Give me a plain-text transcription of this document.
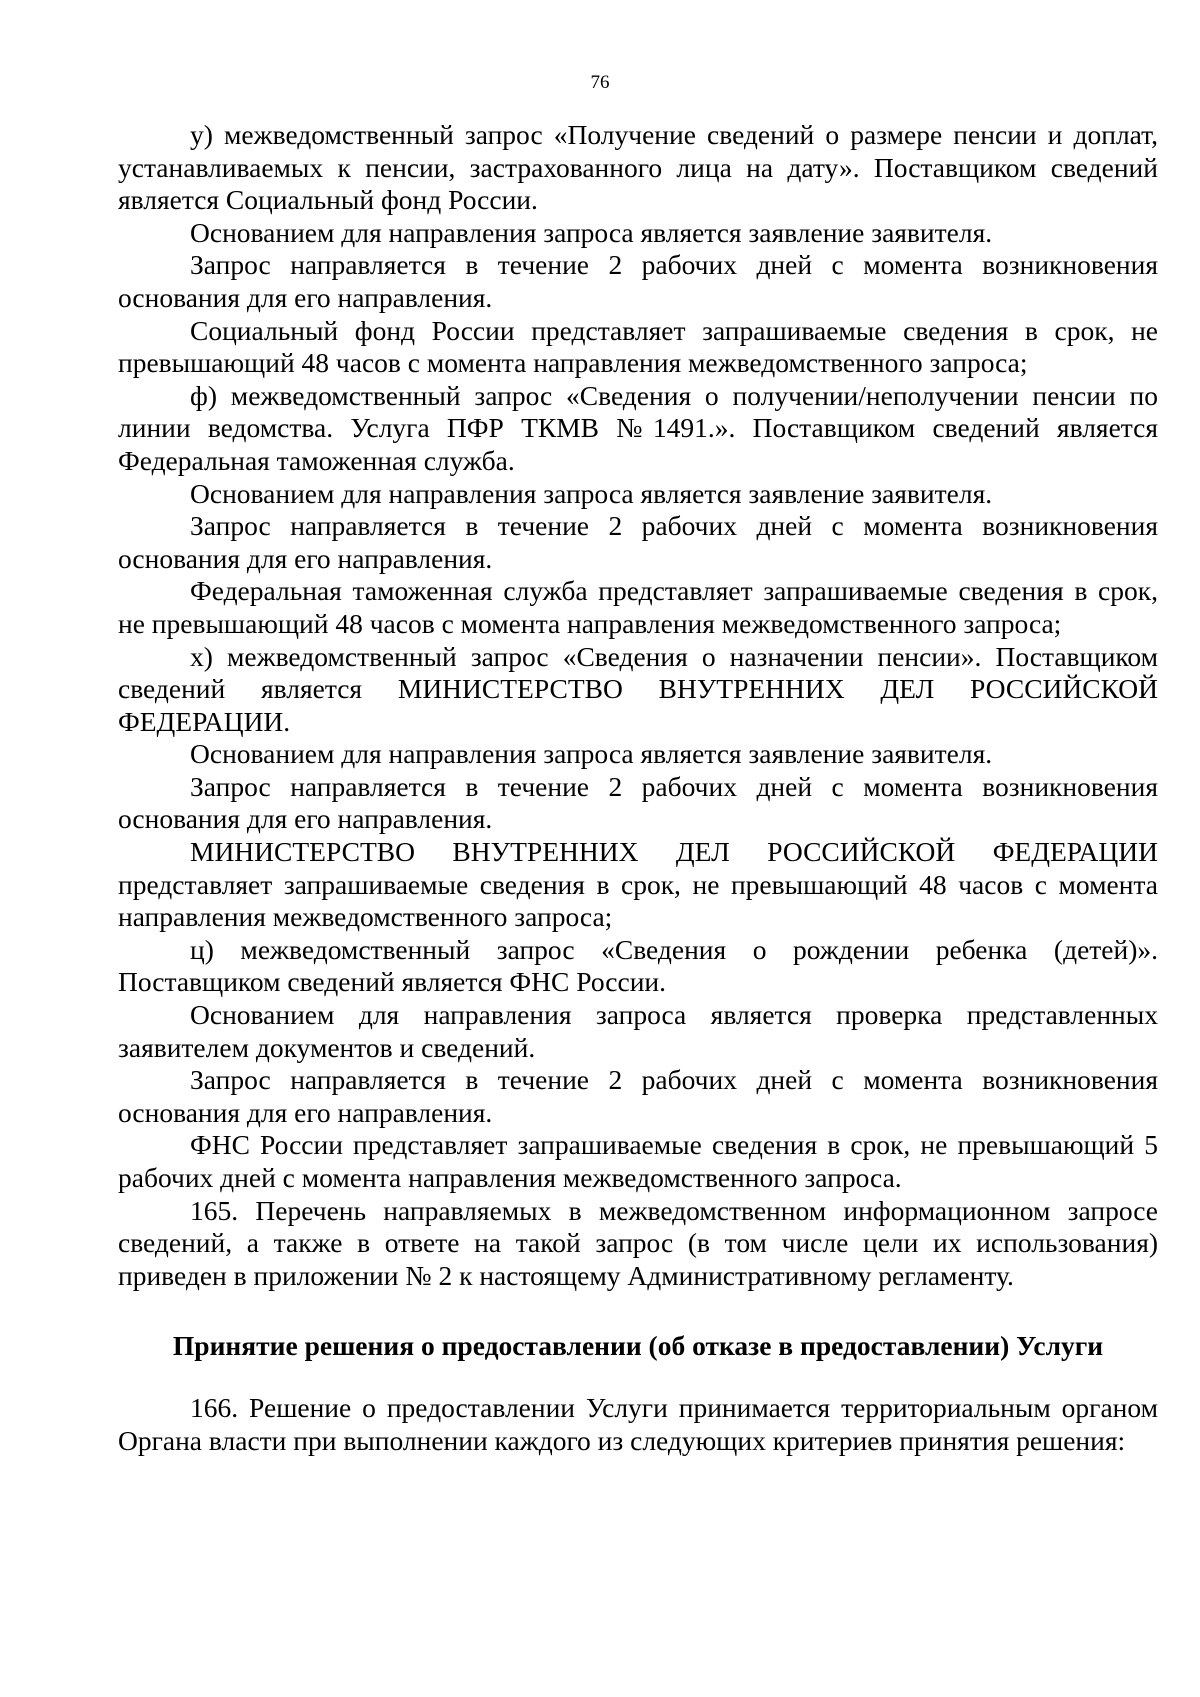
76

у) межведомственный запрос «Получение сведений о размере пенсии и доплат, устанавливаемых к пенсии, застрахованного лица на дату». Поставщиком сведений является Социальный фонд России.

Основанием для направления запроса является заявление заявителя.

Запрос направляется в течение 2 рабочих дней с момента возникновения основания для его направления.

Социальный фонд России представляет запрашиваемые сведения в срок, не превышающий 48 часов с момента направления межведомственного запроса;

ф) межведомственный запрос «Сведения о получении/неполучении пенсии по линии ведомства. Услуга ПФР ТКМВ №1491.». Поставщиком сведений является Федеральная таможенная служба.

Основанием для направления запроса является заявление заявителя.

Запрос направляется в течение 2 рабочих дней с момента возникновения основания для его направления.

Федеральная таможенная служба представляет запрашиваемые сведения в срок, не превышающий 48 часов с момента направления межведомственного запроса;

х) межведомственный запрос «Сведения о назначении пенсии». Поставщиком сведений является МИНИСТЕРСТВО ВНУТРЕННИХ ДЕЛ РОССИЙСКОЙ ФЕДЕРАЦИИ.

Основанием для направления запроса является заявление заявителя.

Запрос направляется в течение 2 рабочих дней с момента возникновения основания для его направления.

МИНИСТЕРСТВО ВНУТРЕННИХ ДЕЛ РОССИЙСКОЙ ФЕДЕРАЦИИ представляет запрашиваемые сведения в срок, не превышающий 48 часов с момента направления межведомственного запроса;

ц) межведомственный запрос «Сведения о рождении ребенка (детей)». Поставщиком сведений является ФНС России.

Основанием для направления запроса является проверка представленных заявителем документов и сведений.

Запрос направляется в течение 2 рабочих дней с момента возникновения основания для его направления.

ФНС России представляет запрашиваемые сведения в срок, не превышающий 5 рабочих дней с момента направления межведомственного запроса.

165. Перечень направляемых в межведомственном информационном запросе сведений, а также в ответе на такой запрос (в том числе цели их использования) приведен в приложении № 2 к настоящему Административному регламенту.

Принятие решения о предоставлении (об отказе в предоставлении) Услуги

166. Решение о предоставлении Услуги принимается территориальным органом Органа власти при выполнении каждого из следующих критериев принятия решения:
